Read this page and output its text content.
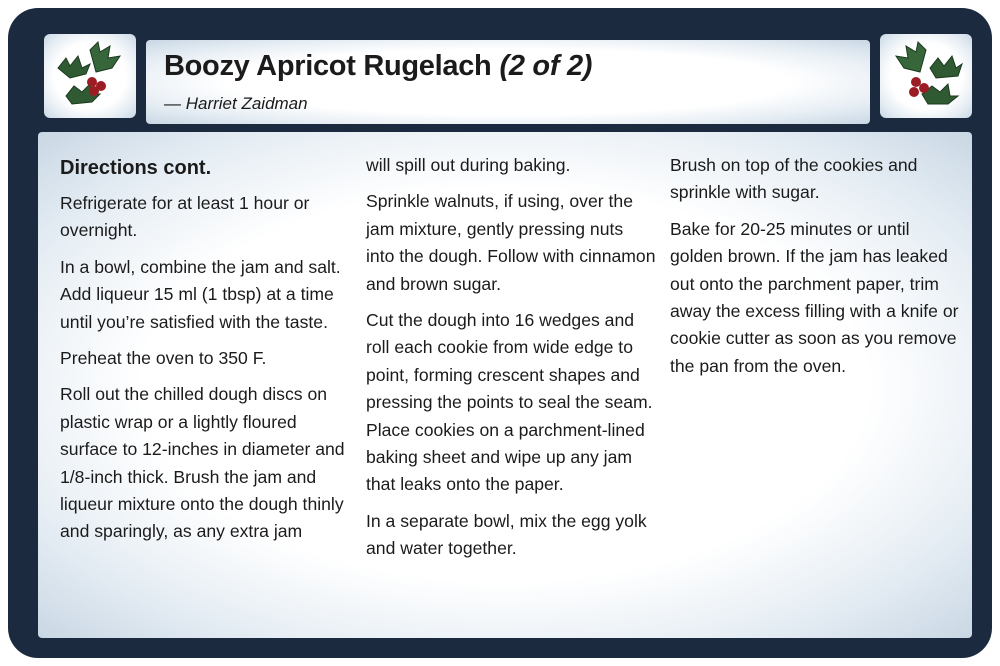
Boozy Apricot Rugelach (2 of 2)
— Harriet Zaidman
Directions cont.

Refrigerate for at least 1 hour or overnight.

In a bowl, combine the jam and salt. Add liqueur 15 ml (1 tbsp) at a time until you’re satisfied with the taste.

Preheat the oven to 350 F.

Roll out the chilled dough discs on plastic wrap or a lightly floured surface to 12-inches in diameter and 1/8-inch thick. Brush the jam and liqueur mixture onto the dough thinly and sparingly, as any extra jam

will spill out during baking.

Sprinkle walnuts, if using, over the jam mixture, gently pressing nuts into the dough. Follow with cinnamon and brown sugar.

Cut the dough into 16 wedges and roll each cookie from wide edge to point, forming crescent shapes and pressing the points to seal the seam. Place cookies on a parchment-lined baking sheet and wipe up any jam that leaks onto the paper.

In a separate bowl, mix the egg yolk and water together.

Brush on top of the cookies and sprinkle with sugar.

Bake for 20-25 minutes or until golden brown. If the jam has leaked out onto the parchment paper, trim away the excess filling with a knife or cookie cutter as soon as you remove the pan from the oven.
